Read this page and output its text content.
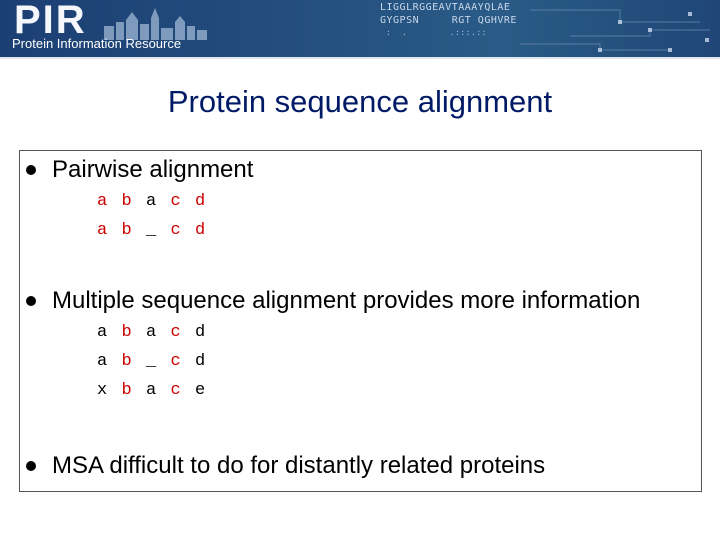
PIR
Protein Information Resource
LIGGLRGGEAVTAAAYQLAE
GYGPSN     RGT QGHVRE
:  .        .:::.::
Protein sequence alignment
Pairwise alignment
a b a c d
a b _ c d
Multiple sequence alignment provides more information
a b a c d
a b _ c d
x b a c e
MSA difficult to do for distantly related proteins
